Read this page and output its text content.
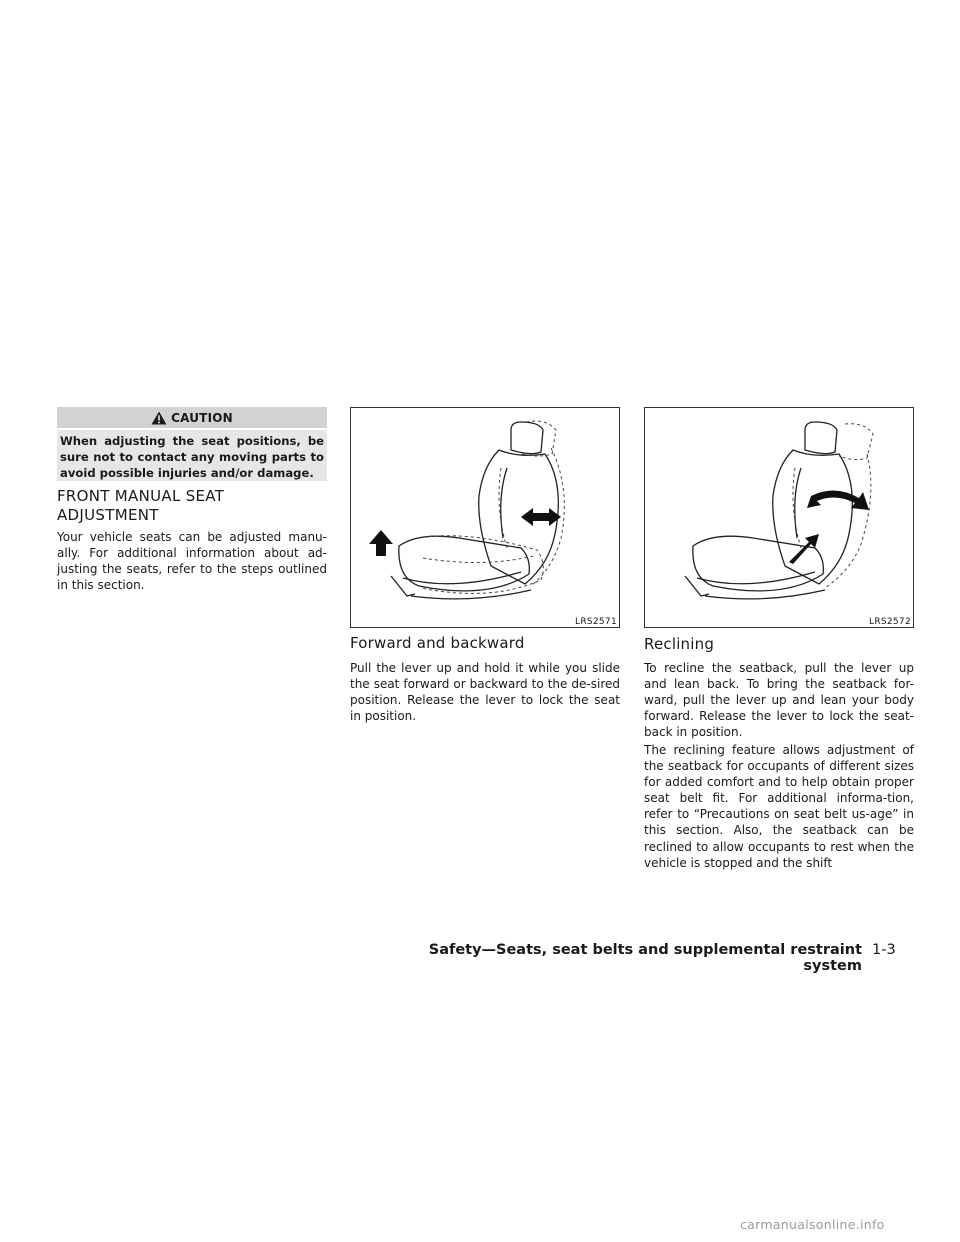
CAUTION
When adjusting the seat positions, be sure not to contact any moving parts to avoid possible injuries and/or damage.
FRONT MANUAL SEAT ADJUSTMENT
Your vehicle seats can be adjusted manu-ally. For additional information about ad-justing the seats, refer to the steps outlined in this section.
LRS2571	LRS2572
Forward and backward
Pull the lever up and hold it while you slide the seat forward or backward to the de-sired position. Release the lever to lock the seat in position.
Reclining
To recline the seatback, pull the lever up and lean back. To bring the seatback for-ward, pull the lever up and lean your body forward. Release the lever to lock the seat-back in position.
The reclining feature allows adjustment of the seatback for occupants of different sizes for added comfort and to help obtain proper seat belt fit. For additional informa-tion, refer to “Precautions on seat belt us-age” in this section. Also, the seatback can be reclined to allow occupants to rest when the vehicle is stopped and the shift
Safety—Seats, seat belts and supplemental restraint system
1-3
carmanualsonline.info
